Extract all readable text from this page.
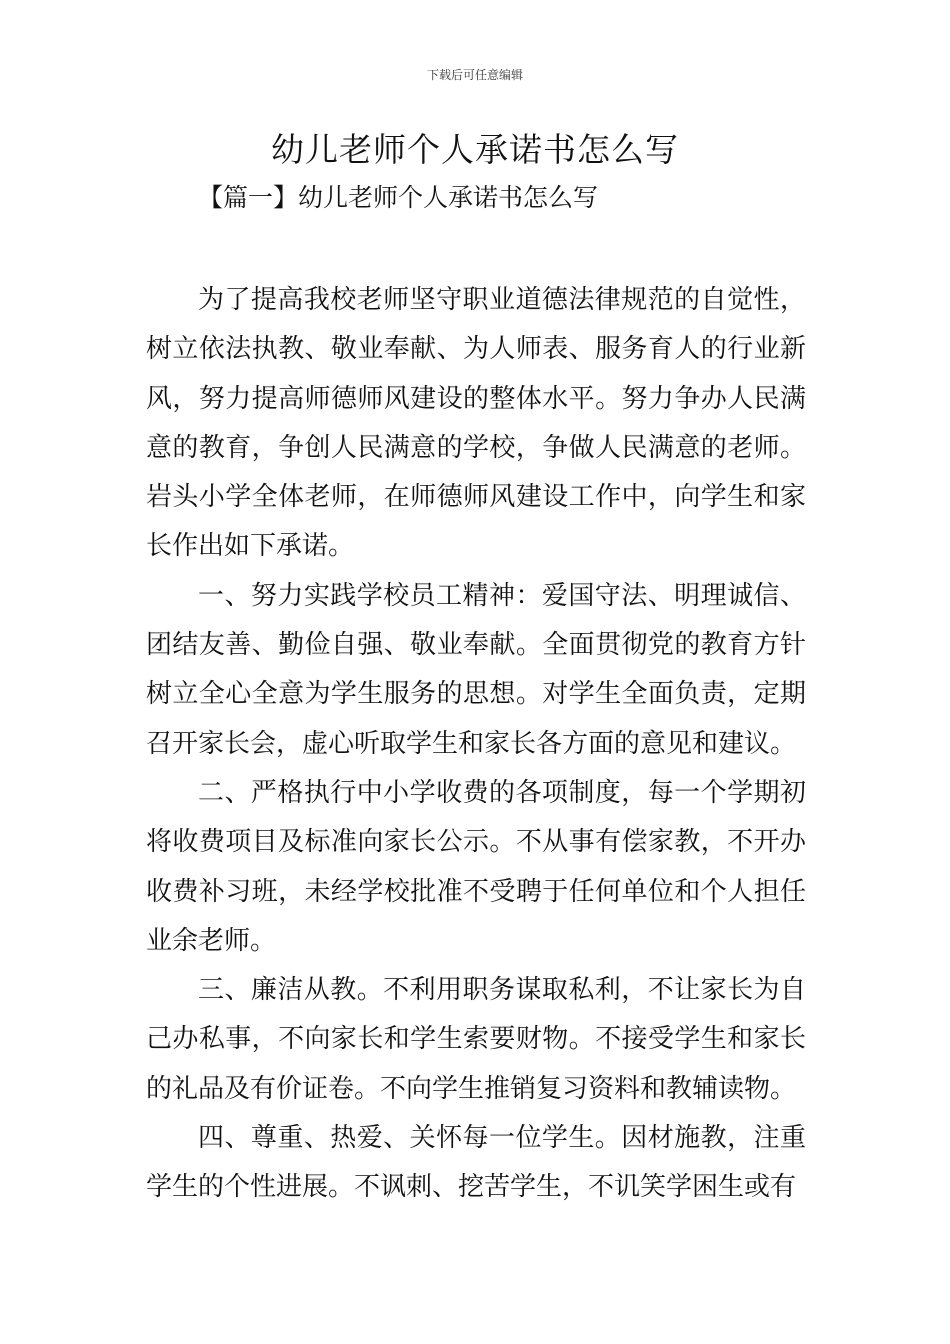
下载后可任意编辑
幼儿老师个人承诺书怎么写
【篇一】幼儿老师个人承诺书怎么写

为了提高我校老师坚守职业道德法律规范的自觉性，树立依法执教、敬业奉献、为人师表、服务育人的行业新风，努力提高师德师风建设的整体水平。努力争办人民满意的教育，争创人民满意的学校，争做人民满意的老师。岩头小学全体老师，在师德师风建设工作中，向学生和家长作出如下承诺。

一、努力实践学校员工精神：爱国守法、明理诚信、团结友善、勤俭自强、敬业奉献。全面贯彻党的教育方针树立全心全意为学生服务的思想。对学生全面负责，定期召开家长会，虚心听取学生和家长各方面的意见和建议。

二、严格执行中小学收费的各项制度，每一个学期初将收费项目及标准向家长公示。不从事有偿家教，不开办收费补习班，未经学校批准不受聘于任何单位和个人担任业余老师。

三、廉洁从教。不利用职务谋取私利，不让家长为自己办私事，不向家长和学生索要财物。不接受学生和家长的礼品及有价证卷。不向学生推销复习资料和教辅读物。

四、尊重、热爱、关怀每一位学生。因材施教，注重学生的个性进展。不讽刺、挖苦学生，不讥笑学困生或有
